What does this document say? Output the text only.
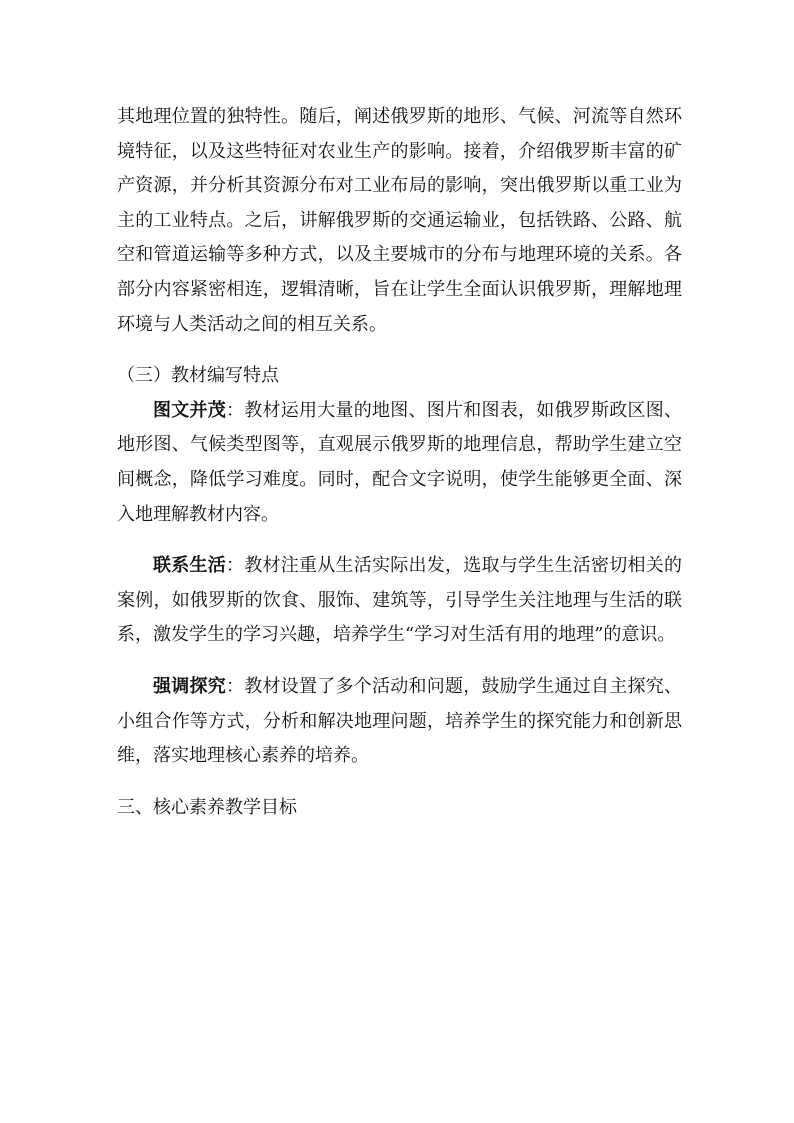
其地理位置的独特性。随后，阐述俄罗斯的地形、气候、河流等自然环境特征，以及这些特征对农业生产的影响。接着，介绍俄罗斯丰富的矿产资源，并分析其资源分布对工业布局的影响，突出俄罗斯以重工业为主的工业特点。之后，讲解俄罗斯的交通运输业，包括铁路、公路、航空和管道运输等多种方式，以及主要城市的分布与地理环境的关系。各部分内容紧密相连，逻辑清晰，旨在让学生全面认识俄罗斯，理解地理环境与人类活动之间的相互关系。

（三）教材编写特点

图文并茂：教材运用大量的地图、图片和图表，如俄罗斯政区图、地形图、气候类型图等，直观展示俄罗斯的地理信息，帮助学生建立空间概念，降低学习难度。同时，配合文字说明，使学生能够更全面、深入地理解教材内容。

联系生活：教材注重从生活实际出发，选取与学生生活密切相关的案例，如俄罗斯的饮食、服饰、建筑等，引导学生关注地理与生活的联系，激发学生的学习兴趣，培养学生“学习对生活有用的地理”的意识。

强调探究：教材设置了多个活动和问题，鼓励学生通过自主探究、小组合作等方式，分析和解决地理问题，培养学生的探究能力和创新思维，落实地理核心素养的培养。

三、核心素养教学目标
